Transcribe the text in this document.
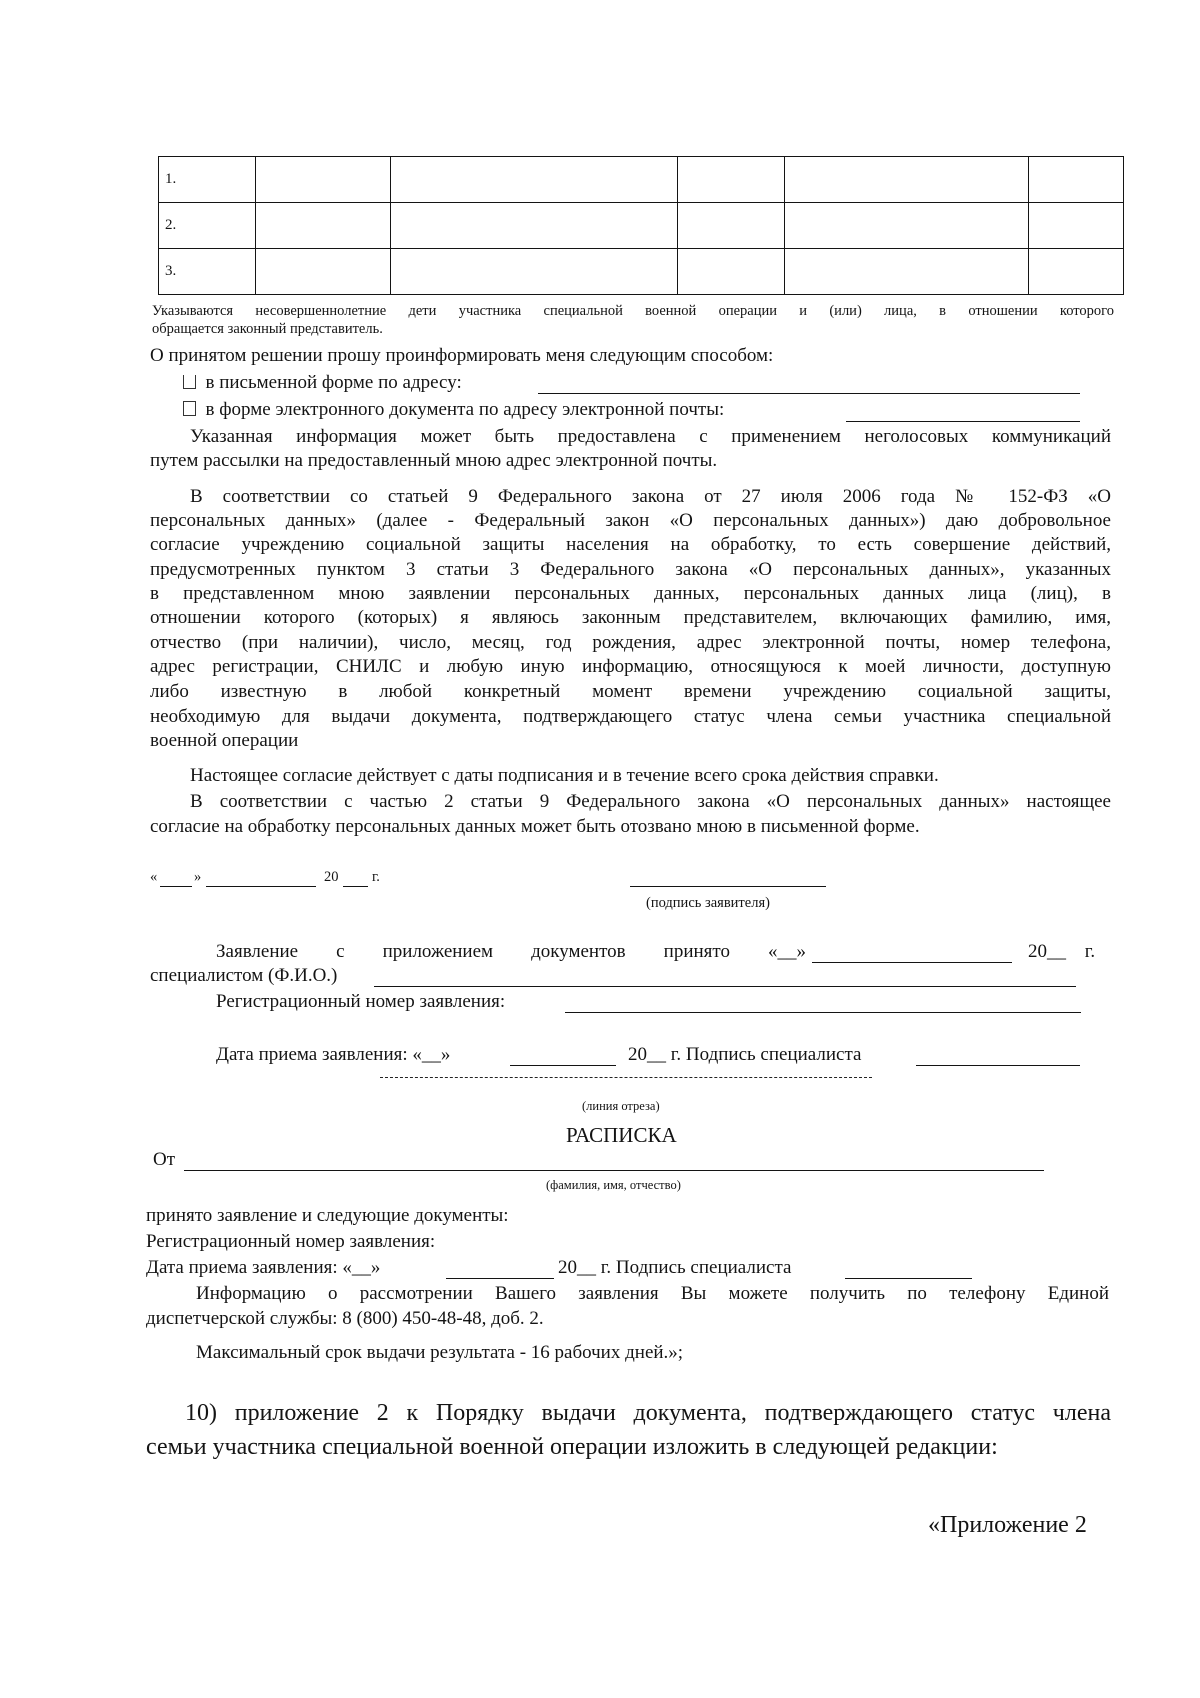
1.					
2.					
3.					
Указываются несовершеннолетние дети участника специальной военной операции и (или) лица, в отношении которого
обращается законный представитель.
О принятом решении прошу проинформировать меня следующим способом:
в письменной форме по адресу:
в форме электронного документа по адресу электронной почты:
Указанная информация может быть предоставлена с применением неголосовых коммуникаций
путем рассылки на предоставленный мною адрес электронной почты.
В соответствии со статьей 9 Федерального закона от 27 июля 2006 года № 152-ФЗ «О
персональных данных» (далее - Федеральный закон «О персональных данных») даю добровольное
согласие учреждению социальной защиты населения на обработку, то есть совершение действий,
предусмотренных пунктом 3 статьи 3 Федерального закона «О персональных данных», указанных
в представленном мною заявлении персональных данных, персональных данных лица (лиц), в
отношении которого (которых) я являюсь законным представителем, включающих фамилию, имя,
отчество (при наличии), число, месяц, год рождения, адрес электронной почты, номер телефона,
адрес регистрации, СНИЛС и любую иную информацию, относящуюся к моей личности, доступную
либо известную в любой конкретный момент времени учреждению социальной защиты,
необходимую для выдачи документа, подтверждающего статус члена семьи участника специальной
военной операции
Настоящее согласие действует с даты подписания и в течение всего срока действия справки.
В соответствии с частью 2 статьи 9 Федерального закона «О персональных данных» настоящее
согласие на обработку персональных данных может быть отозвано мною в письменной форме.
«	»	20 г.
(подпись заявителя)
Заявление с приложением документов принято «__»	20__ г.
специалистом (Ф.И.О.)
Регистрационный номер заявления:
Дата приема заявления: «__»	20__ г. Подпись специалиста
(линия отреза)
РАСПИСКА
От
(фамилия, имя, отчество)
принято заявление и следующие документы:
Регистрационный номер заявления:
Дата приема заявления: «__»	20__ г. Подпись специалиста
Информацию о рассмотрении Вашего заявления Вы можете получить по телефону Единой
диспетчерской службы: 8 (800) 450-48-48, доб. 2.
Максимальный срок выдачи результата - 16 рабочих дней.»;
10) приложение 2 к Порядку выдачи документа, подтверждающего статус члена
семьи участника специальной военной операции изложить в следующей редакции:
«Приложение 2
